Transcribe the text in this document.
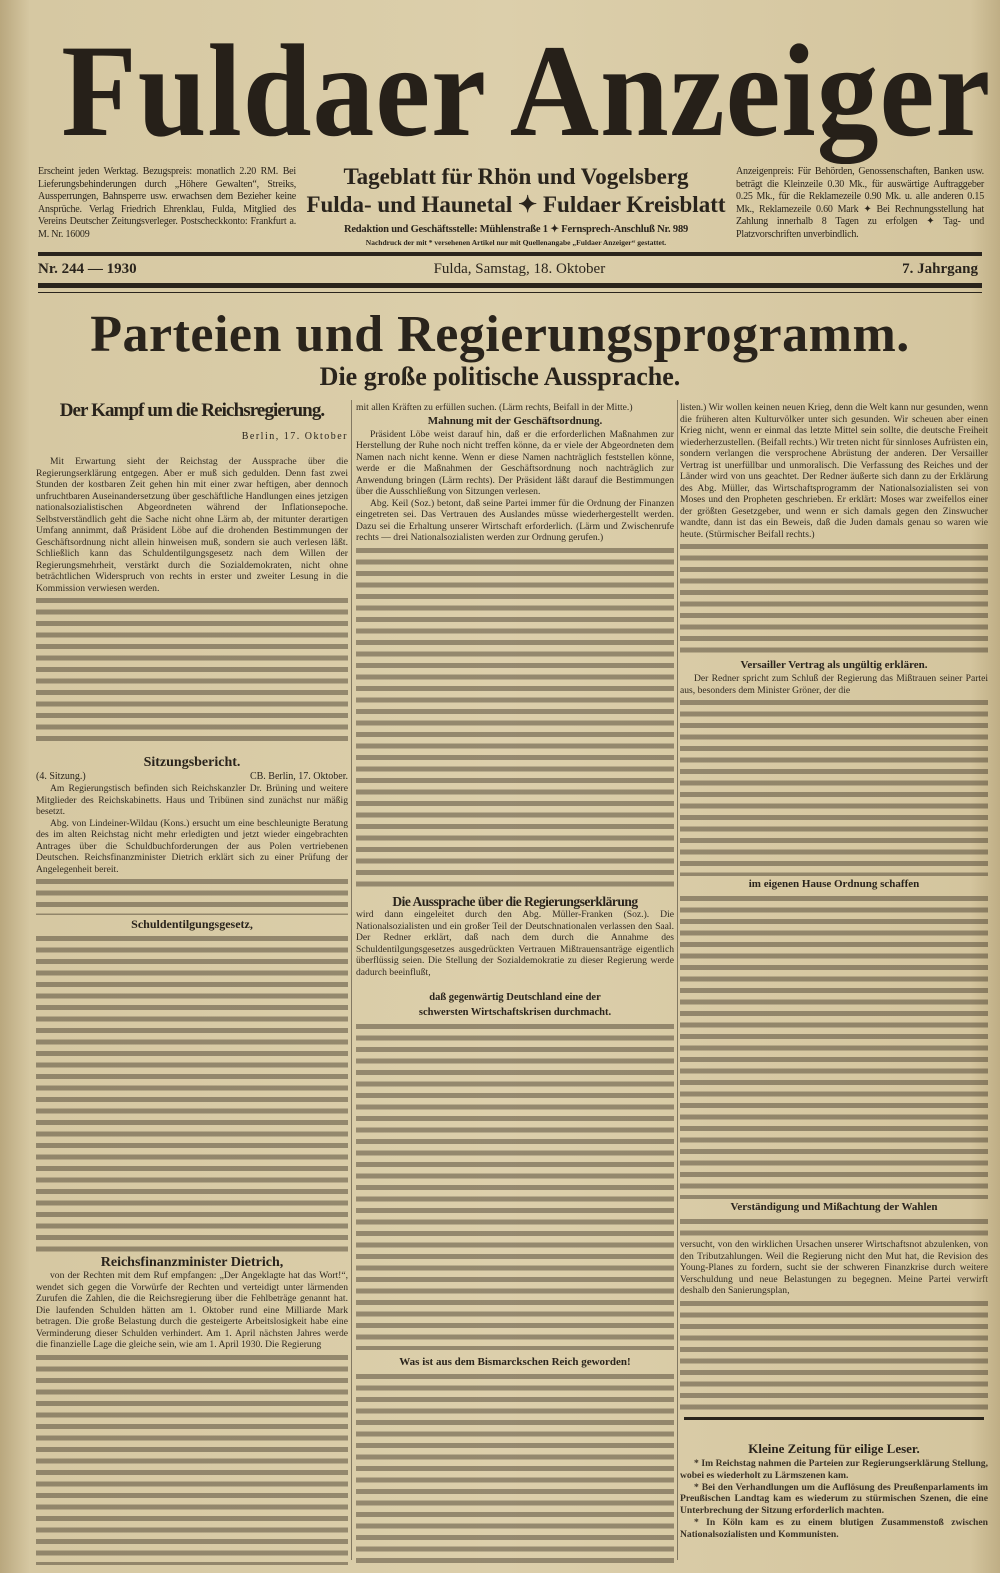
Fuldaer Anzeiger
Erscheint jeden Werktag. Bezugspreis: monatlich 2.20 RM. Bei Lieferungsbehinderungen durch „Höhere Gewalten“, Streiks, Aussperrungen, Bahnsperre usw. erwachsen dem Bezieher keine Ansprüche. Verlag Friedrich Ehrenklau, Fulda, Mitglied des Vereins Deutscher Zeitungsverleger. Postscheckkonto: Frankfurt a. M. Nr. 16009
Anzeigenpreis: Für Behörden, Genossenschaften, Banken usw. beträgt die Kleinzeile 0.30 Mk., für auswärtige Auftraggeber 0.25 Mk., für die Reklamezeile 0.90 Mk. u. alle anderen 0.15 Mk., Reklamezeile 0.60 Mark ✦ Bei Rechnungsstellung hat Zahlung innerhalb 8 Tagen zu erfolgen ✦ Tag- und Platzvorschriften unverbindlich.
Tageblatt für Rhön und Vogelsberg
Fulda- und Haunetal ✦ Fuldaer Kreisblatt
Redaktion und Geschäftsstelle: Mühlenstraße 1 ✦ Fernsprech-Anschluß Nr. 989
Nachdruck der mit * versehenen Artikel nur mit Quellenangabe „Fuldaer Anzeiger“ gestattet.
Nr. 244 — 1930	Fulda, Samstag, 18. Oktober	7. Jahrgang
Parteien und Regierungsprogramm.
Die große politische Aussprache.
Der Kampf um die Reichsregierung.
Berlin, 17. Oktober

Mit Erwartung sieht der Reichstag der Aussprache über die Regierungserklärung entgegen. Aber er muß sich gedulden. Denn fast zwei Stunden der kostbaren Zeit gehen hin mit einer zwar heftigen, aber dennoch unfruchtbaren Auseinandersetzung über geschäftliche Handlungen eines jetzigen nationalsozialistischen Abgeordneten während der Inflationsepoche. Selbstverständlich geht die Sache nicht ohne Lärm ab, der mitunter derartigen Umfang annimmt, daß Präsident Löbe auf die drohenden Bestimmungen der Geschäftsordnung nicht allein hinweisen muß, sondern sie auch verlesen läßt. Schließlich kann das Schuldentilgungsgesetz nach dem Willen der Regierungsmehrheit, verstärkt durch die Sozialdemokraten, nicht ohne beträchtlichen Widerspruch von rechts in erster und zweiter Lesung in die Kommission verwiesen werden.

Sitzungsbericht.
(4. Sitzung.)	CB. Berlin, 17. Oktober.

Am Regierungstisch befinden sich Reichskanzler Dr. Brüning und weitere Mitglieder des Reichskabinetts. Haus und Tribünen sind zunächst nur mäßig besetzt.

Abg. von Lindeiner-Wildau (Kons.) ersucht um eine beschleunigte Beratung des im alten Reichstag nicht mehr erledigten und jetzt wieder eingebrachten Antrages über die Schuldbuchforderungen der aus Polen vertriebenen Deutschen. Reichsfinanzminister Dietrich erklärt sich zu einer Prüfung der Angelegenheit bereit.

Schuldentilgungsgesetz,
Reichsfinanzminister Dietrich,

von der Rechten mit dem Ruf empfangen: „Der Angeklagte hat das Wort!“, wendet sich gegen die Vorwürfe der Rechten und verteidigt unter lärmenden Zurufen die Zahlen, die die Reichsregierung über die Fehlbeträge genannt hat. Die laufenden Schulden hätten am 1. Oktober rund eine Milliarde Mark betragen. Die große Belastung durch die gesteigerte Arbeitslosigkeit habe eine Verminderung dieser Schulden verhindert. Am 1. April nächsten Jahres werde die finanzielle Lage die gleiche sein, wie am 1. April 1930. Die Regierung

mit allen Kräften zu erfüllen suchen. (Lärm rechts, Beifall in der Mitte.)

Mahnung mit der Geschäftsordnung.

Präsident Löbe weist darauf hin, daß er die erforderlichen Maßnahmen zur Herstellung der Ruhe noch nicht treffen könne, da er viele der Abgeordneten dem Namen nach nicht kenne. Wenn er diese Namen nachträglich feststellen könne, werde er die Maßnahmen der Geschäftsordnung noch nachträglich zur Anwendung bringen (Lärm rechts). Der Präsident läßt darauf die Bestimmungen über die Ausschließung von Sitzungen verlesen.

Abg. Keil (Soz.) betont, daß seine Partei immer für die Ordnung der Finanzen eingetreten sei. Das Vertrauen des Auslandes müsse wiederhergestellt werden. Dazu sei die Erhaltung unserer Wirtschaft erforderlich. (Lärm und Zwischenrufe rechts — drei Nationalsozialisten werden zur Ordnung gerufen.)

Die Aussprache über die Regierungserklärung

wird dann eingeleitet durch den Abg. Müller-Franken (Soz.). Die Nationalsozialisten und ein großer Teil der Deutschnationalen verlassen den Saal. Der Redner erklärt, daß nach dem durch die Annahme des Schuldentilgungsgesetzes ausgedrückten Vertrauen Mißtrauensanträge eigentlich überflüssig seien. Die Stellung der Sozialdemokratie zu dieser Regierung werde dadurch beeinflußt,

daß gegenwärtig Deutschland eine der schwersten Wirtschaftskrisen durchmacht.
Was ist aus dem Bismarckschen Reich geworden!

listen.) Wir wollen keinen neuen Krieg, denn die Welt kann nur gesunden, wenn die früheren alten Kulturvölker unter sich gesunden. Wir scheuen aber einen Krieg nicht, wenn er einmal das letzte Mittel sein sollte, die deutsche Freiheit wiederherzustellen. (Beifall rechts.) Wir treten nicht für sinnloses Aufrüsten ein, sondern verlangen die versprochene Abrüstung der anderen. Der Versailler Vertrag ist unerfüllbar und unmoralisch. Die Verfassung des Reiches und der Länder wird von uns geachtet. Der Redner äußerte sich dann zu der Erklärung des Abg. Müller, das Wirtschaftsprogramm der Nationalsozialisten sei von Moses und den Propheten geschrieben. Er erklärt: Moses war zweifellos einer der größten Gesetzgeber, und wenn er sich damals gegen den Zinswucher wandte, dann ist das ein Beweis, daß die Juden damals genau so waren wie heute. (Stürmischer Beifall rechts.)

Versailler Vertrag als ungültig erklären.

Der Redner spricht zum Schluß der Regierung das Mißtrauen seiner Partei aus, besonders dem Minister Gröner, der die

im eigenen Hause Ordnung schaffen
Verständigung und Mißachtung der Wahlen

versucht, von den wirklichen Ursachen unserer Wirtschaftsnot abzulenken, von den Tributzahlungen. Weil die Regierung nicht den Mut hat, die Revision des Young-Planes zu fordern, sucht sie der schweren Finanzkrise durch weitere Verschuldung und neue Belastungen zu begegnen. Meine Partei verwirft deshalb den Sanierungsplan,

Kleine Zeitung für eilige Leser.
* Im Reichstag nahmen die Parteien zur Regierungserklärung Stellung, wobei es wiederholt zu Lärmszenen kam.
* Bei den Verhandlungen um die Auflösung des Preußenparlaments im Preußischen Landtag kam es wiederum zu stürmischen Szenen, die eine Unterbrechung der Sitzung erforderlich machten.
* In Köln kam es zu einem blutigen Zusammenstoß zwischen Nationalsozialisten und Kommunisten.
